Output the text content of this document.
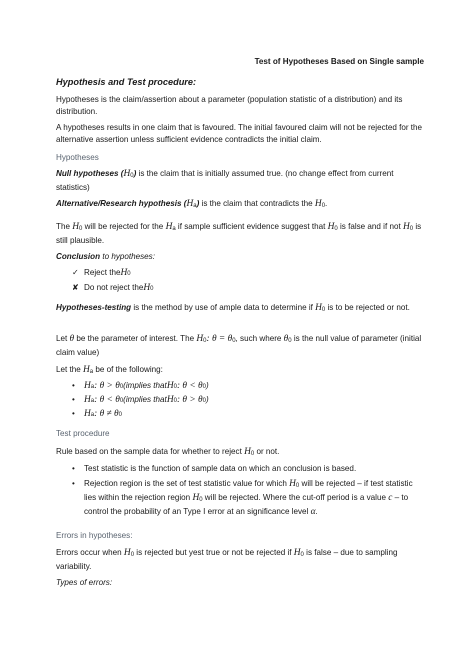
Test of Hypotheses Based on Single sample

Hypothesis and Test procedure:

Hypotheses is the claim/assertion about a parameter (population statistic of a distribution) and its distribution.

A hypotheses results in one claim that is favoured. The initial favoured claim will not be rejected for the alternative assertion unless sufficient evidence contradicts the initial claim.

Hypotheses

Null hypotheses (H0) is the claim that is initially assumed true. (no change effect from current statistics)

Alternative/Research hypothesis (Ha) is the claim that contradicts the H0.

The H0 will be rejected for the Ha if sample sufficient evidence suggest that H0 is false and if not H0 is still plausible.

Conclusion to hypotheses:

✓ Reject the H 0
✘ Do not reject the H 0

Hypotheses-testing is the method by use of ample data to determine if H0 is to be rejected or not.

Let θ be the parameter of interest. The H0: θ = θ0, such where θ0 is the null value of parameter (initial claim value)

Let the Ha be of the following:

• H a : θ > θ 0 (implies that H 0 : θ < θ 0 )
• H a : θ < θ 0 (implies that H 0 : θ > θ 0 )
• H a : θ ≠ θ 0

Test procedure

Rule based on the sample data for whether to reject H0 or not.

•	Test statistic is the function of sample data on which an conclusion is based.
•	Rejection region is the set of test statistic value for which H0 will be rejected – if test statistic lies within the rejection region H0 will be rejected. Where the cut-off period is a value c – to control the probability of an Type I error at an significance level α.

Errors in hypotheses:

Errors occur when H0 is rejected but yest true or not be rejected if H0 is false – due to sampling variability.

Types of errors:
